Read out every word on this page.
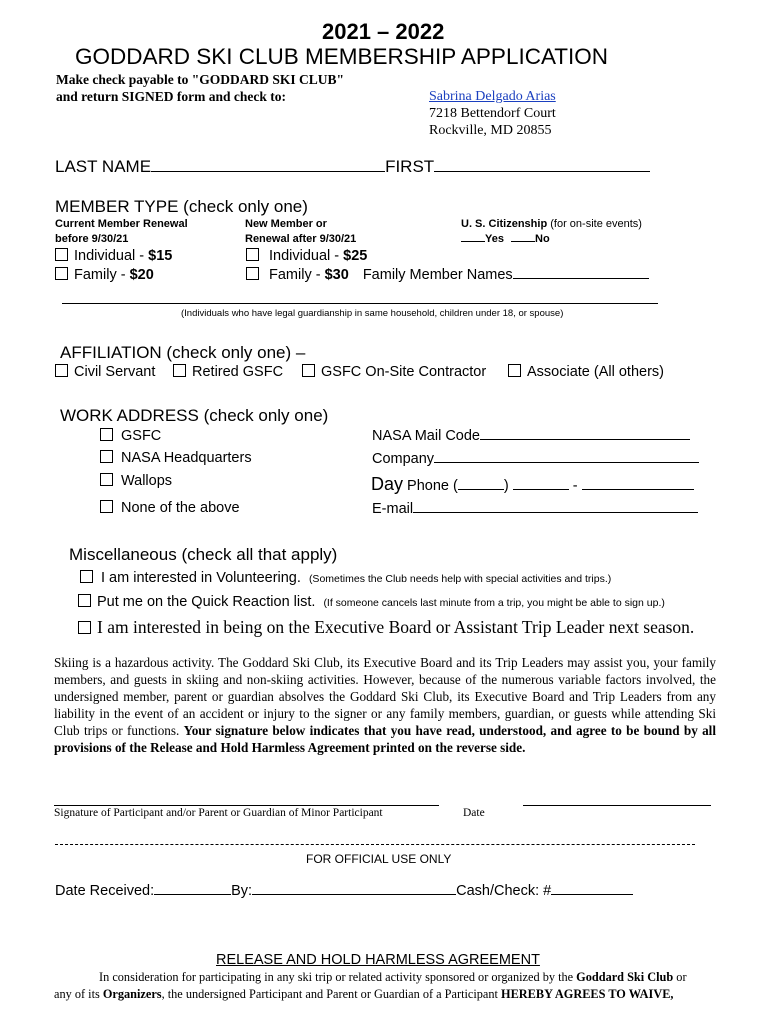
2021 – 2022
GODDARD SKI CLUB MEMBERSHIP APPLICATION
Make check payable to "GODDARD SKI CLUB"
and return SIGNED form and check to:	Sabrina Delgado Arias
7218 Bettendorf Court
Rockville, MD 20855
LAST NAME	FIRST
MEMBER TYPE (check only one)
Current Member Renewal
before 9/30/21
New Member or
Renewal after 9/30/21
U. S. Citizenship (for on-site events)
Yes	No
Individual - $15
Family - $20
Individual - $25
Family - $30 Family Member Names
(Individuals who have legal guardianship in same household, children under 18, or spouse)
AFFILIATION (check only one) –
Civil Servant	Retired GSFC	GSFC On-Site Contractor	Associate (All others)
WORK ADDRESS (check only one)
GSFC
NASA Headquarters
Wallops
None of the above
NASA Mail Code
Company
Day Phone (	)	-
E-mail
Miscellaneous (check all that apply)
I am interested in Volunteering. (Sometimes the Club needs help with special activities and trips.)
Put me on the Quick Reaction list. (If someone cancels last minute from a trip, you might be able to sign up.)
I am interested in being on the Executive Board or Assistant Trip Leader next season.
Skiing is a hazardous activity. The Goddard Ski Club, its Executive Board and its Trip Leaders may assist you, your family members, and guests in skiing and non-skiing activities. However, because of the numerous variable factors involved, the undersigned member, parent or guardian absolves the Goddard Ski Club, its Executive Board and Trip Leaders from any liability in the event of an accident or injury to the signer or any family members, guardian, or guests while attending Ski Club trips or functions. Your signature below indicates that you have read, understood, and agree to be bound by all provisions of the Release and Hold Harmless Agreement printed on the reverse side.
Signature of Participant and/or Parent or Guardian of Minor Participant	Date
FOR OFFICIAL USE ONLY
Date Received:	By:	Cash/Check: #
RELEASE AND HOLD HARMLESS AGREEMENT
In consideration for participating in any ski trip or related activity sponsored or organized by the Goddard Ski Club or
any of its Organizers, the undersigned Participant and Parent or Guardian of a Participant HEREBY AGREES TO WAIVE,
